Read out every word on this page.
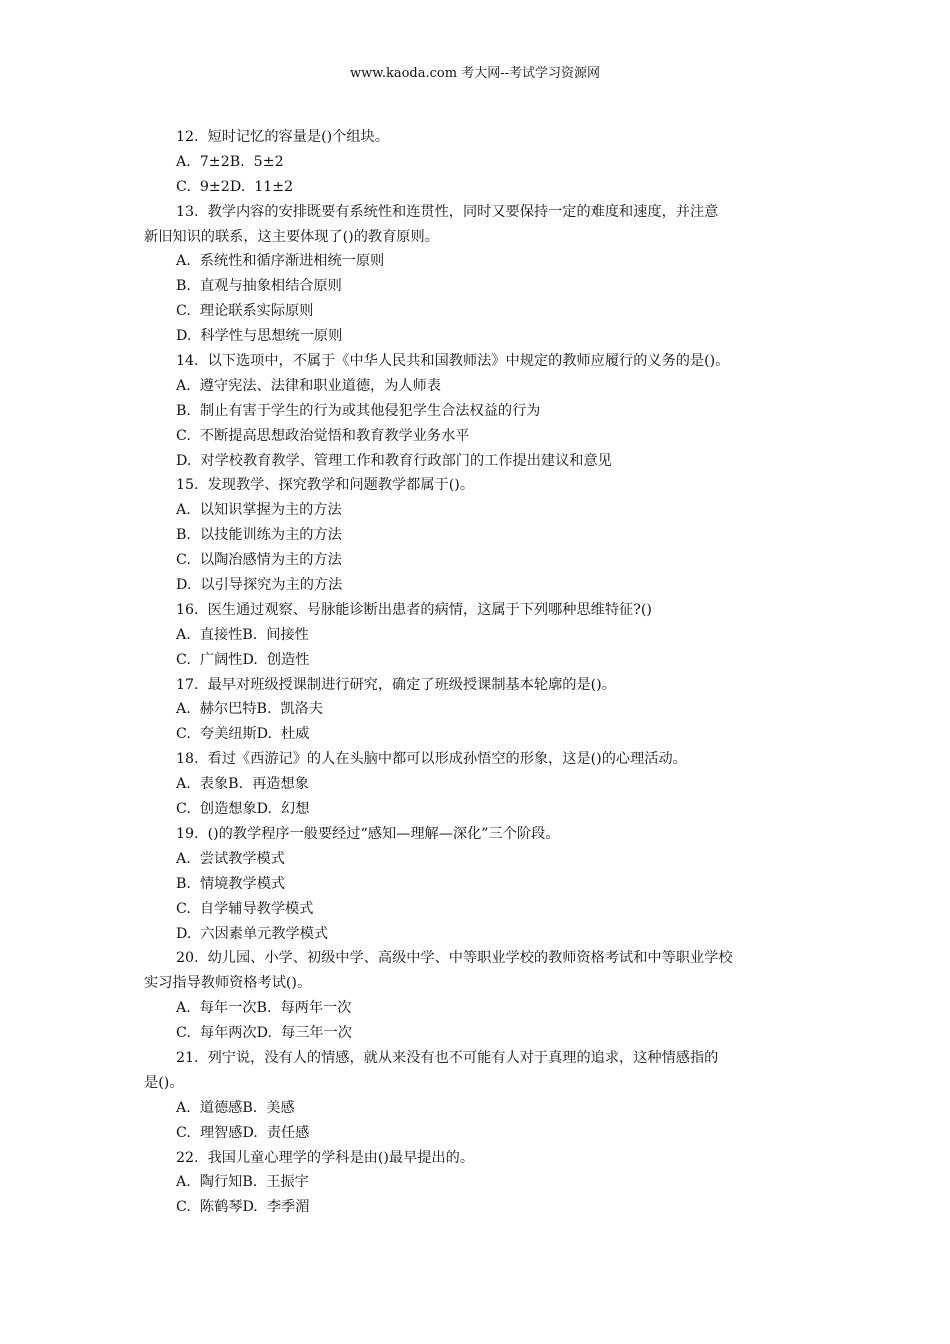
www.kaoda.com 考大网--考试学习资源网

12.  短时记忆的容量是()个组块。

A.  7±2B.  5±2

C.  9±2D.  11±2

13.  教学内容的安排既要有系统性和连贯性，同时又要保持一定的难度和速度，并注意

新旧知识的联系，这主要体现了()的教育原则。

A.  系统性和循序渐进相统一原则

B.  直观与抽象相结合原则

C.  理论联系实际原则

D.  科学性与思想统一原则

14.  以下选项中，不属于《中华人民共和国教师法》中规定的教师应履行的义务的是()。

A.  遵守宪法、法律和职业道德，为人师表

B.  制止有害于学生的行为或其他侵犯学生合法权益的行为

C.  不断提高思想政治觉悟和教育教学业务水平

D.  对学校教育教学、管理工作和教育行政部门的工作提出建议和意见

15.  发现教学、探究教学和问题教学都属于()。

A.  以知识掌握为主的方法

B.  以技能训练为主的方法

C.  以陶冶感情为主的方法

D.  以引导探究为主的方法

16.  医生通过观察、号脉能诊断出患者的病情，这属于下列哪种思维特征?()

A.  直接性B.  间接性

C.  广阔性D.  创造性

17.  最早对班级授课制进行研究，确定了班级授课制基本轮廓的是()。

A.  赫尔巴特B.  凯洛夫

C.  夸美纽斯D.  杜威

18.  看过《西游记》的人在头脑中都可以形成孙悟空的形象，这是()的心理活动。

A.  表象B.  再造想象

C.  创造想象D.  幻想

19.  ()的教学程序一般要经过“感知—理解—深化”三个阶段。

A.  尝试教学模式

B.  情境教学模式

C.  自学辅导教学模式

D.  六因素单元教学模式

20.  幼儿园、小学、初级中学、高级中学、中等职业学校的教师资格考试和中等职业学校

实习指导教师资格考试()。

A.  每年一次B.  每两年一次

C.  每年两次D.  每三年一次

21.  列宁说，没有人的情感，就从来没有也不可能有人对于真理的追求，这种情感指的

是()。

A.  道德感B.  美感

C.  理智感D.  责任感

22.  我国儿童心理学的学科是由()最早提出的。

A.  陶行知B.  王振宇

C.  陈鹤琴D.  李季湄
